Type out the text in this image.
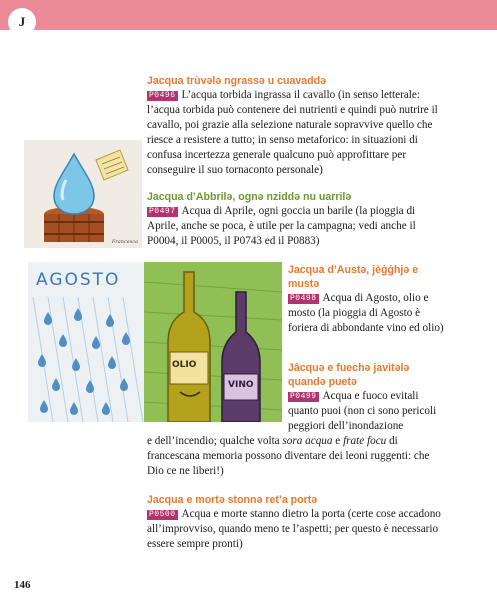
J
Jacqua trùvələ ngrassə u cuavaddə
P0496 L’acqua torbida ingrassa il cavallo (in senso letterale: l’acqua torbida può contenere dei nutrienti e quindi può nutrire il cavallo, poi grazie alla selezione naturale sopravvive quello che riesce a resistere a tutto; in senso metaforico: in situazioni di confusa incertezza generale qualcuno può approfittare per conseguire il suo tornaconto personale)
Francesca
Jacqua d’Abbrilə, ognə nziddə nu uarrilə
P0497 Acqua di Aprile, ogni goccia un barile (la pioggia di Aprile, anche se poca, è utile per la campagna; vedi anche il P0004, il P0005, il P0743 ed il P0883)
AGOSTO
OLIO
VINO
Jacqua d’Austə, jèġġhjə e mustə
P0498 Acqua di Agosto, olio e mosto (la pioggia di Agosto è foriera di abbondante vino ed olio)
Jâcquə e fuechə javìtələ quandə puetə
P0499 Acqua e fuoco evitali quanto puoi (non ci sono pericoli peggiori dell’inondazione
e dell’incendio; qualche volta sora acqua e frate focu di francescana memoria possono diventare dei leoni ruggenti: che Dio ce ne liberi!)
Jacqua e mortə stonnə ret’a portə
P0500 Acqua e morte stanno dietro la porta (certe cose accadono all’improvviso, quando meno te l’aspetti; per questo è necessario essere sempre pronti)
146
